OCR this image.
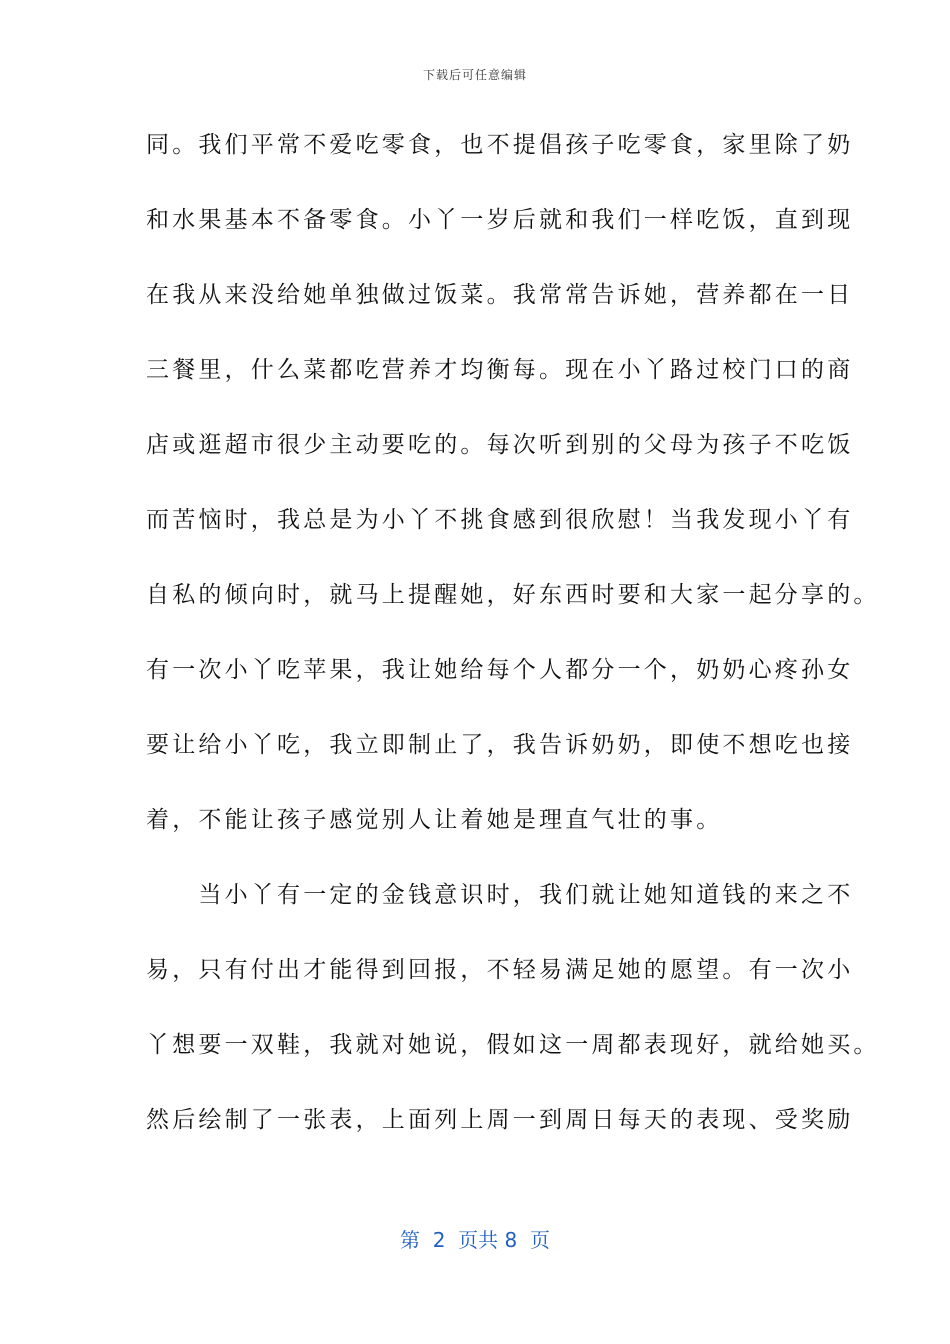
下载后可任意编辑
同。我们平常不爱吃零食，也不提倡孩子吃零食，家里除了奶
和水果基本不备零食。小丫一岁后就和我们一样吃饭，直到现
在我从来没给她单独做过饭菜。我常常告诉她，营养都在一日
三餐里，什么菜都吃营养才均衡每。现在小丫路过校门口的商
店或逛超市很少主动要吃的。每次听到别的父母为孩子不吃饭
而苦恼时，我总是为小丫不挑食感到很欣慰！当我发现小丫有
自私的倾向时，就马上提醒她，好东西时要和大家一起分享的。
有一次小丫吃苹果，我让她给每个人都分一个，奶奶心疼孙女
要让给小丫吃，我立即制止了，我告诉奶奶，即使不想吃也接
着，不能让孩子感觉别人让着她是理直气壮的事。
　　当小丫有一定的金钱意识时，我们就让她知道钱的来之不
易，只有付出才能得到回报，不轻易满足她的愿望。有一次小
丫想要一双鞋，我就对她说，假如这一周都表现好，就给她买。
然后绘制了一张表，上面列上周一到周日每天的表现、受奖励
第  2  页共 8  页
